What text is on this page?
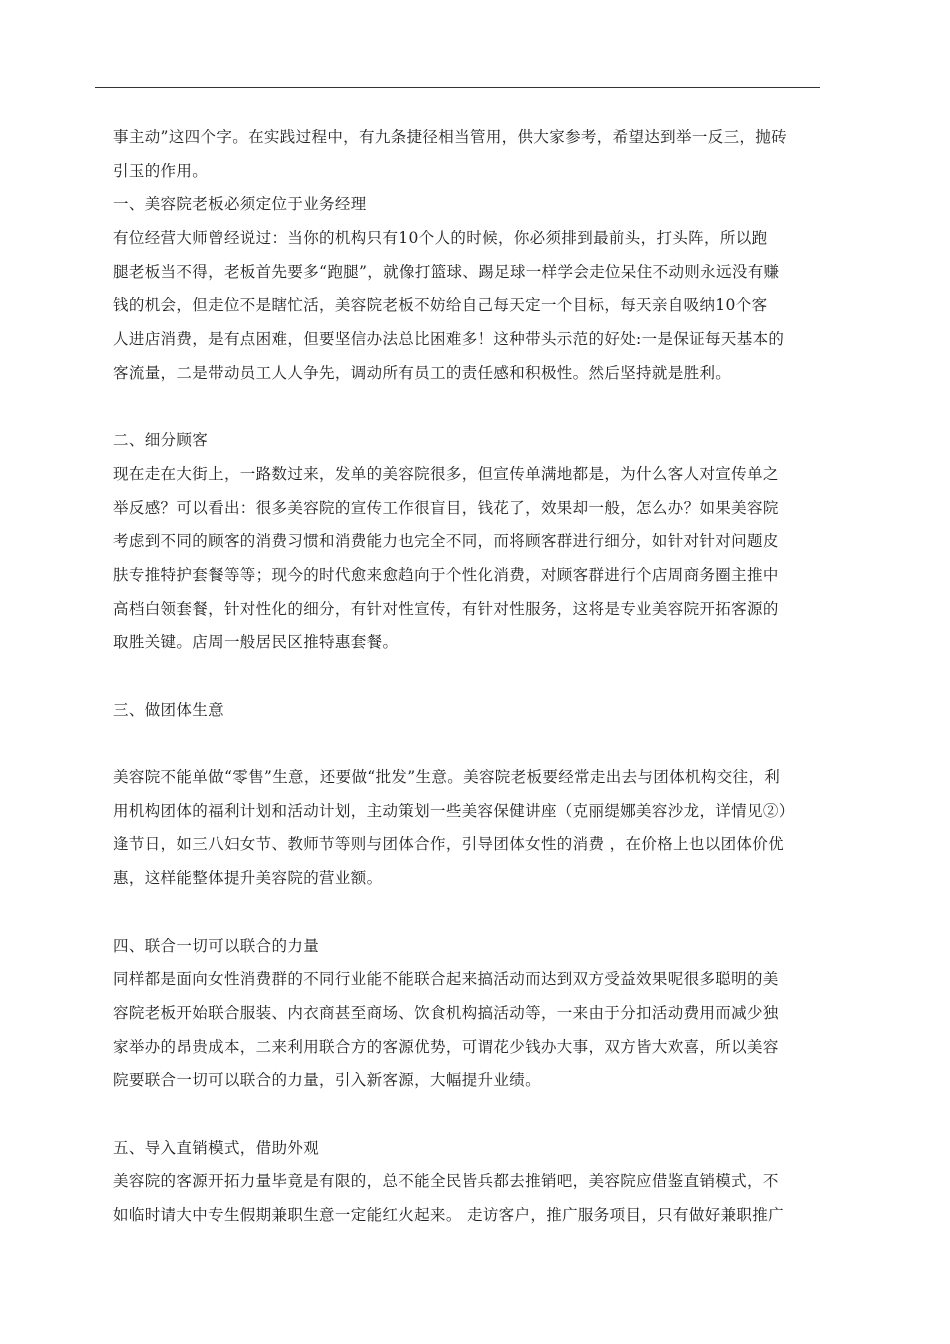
事主动”这四个字。在实践过程中，有九条捷径相当管用，供大家参考，希望达到举一反三，抛砖
引玉的作用。
一、美容院老板必须定位于业务经理
有位经营大师曾经说过：当你的机构只有10个人的时候，你必须排到最前头，打头阵，所以跑
腿老板当不得，老板首先要多“跑腿”，就像打篮球、踢足球一样学会走位呆住不动则永远没有赚
钱的机会，但走位不是瞎忙活，美容院老板不妨给自己每天定一个目标，每天亲自吸纳10个客
人进店消费，是有点困难，但要坚信办法总比困难多！这种带头示范的好处:一是保证每天基本的
客流量，二是带动员工人人争先，调动所有员工的责任感和积极性。然后坚持就是胜利。
二、细分顾客
现在走在大街上，一路数过来，发单的美容院很多，但宣传单满地都是，为什么客人对宣传单之
举反感？可以看出：很多美容院的宣传工作很盲目，钱花了，效果却一般，怎么办？如果美容院
考虑到不同的顾客的消费习惯和消费能力也完全不同，而将顾客群进行细分，如针对针对问题皮
肤专推特护套餐等等；现今的时代愈来愈趋向于个性化消费，对顾客群进行个店周商务圈主推中
高档白领套餐，针对性化的细分，有针对性宣传，有针对性服务，这将是专业美容院开拓客源的
取胜关键。店周一般居民区推特惠套餐。
三、做团体生意
美容院不能单做“零售”生意，还要做“批发”生意。美容院老板要经常走出去与团体机构交往，利
用机构团体的福利计划和活动计划，主动策划一些美容保健讲座（克丽缇娜美容沙龙，详情见②）
逢节日，如三八妇女节、教师节等则与团体合作，引导团体女性的消费 ，在价格上也以团体价优
惠，这样能整体提升美容院的营业额。
四、联合一切可以联合的力量
同样都是面向女性消费群的不同行业能不能联合起来搞活动而达到双方受益效果呢很多聪明的美
容院老板开始联合服装、内衣商甚至商场、饮食机构搞活动等，一来由于分扣活动费用而减少独
家举办的昂贵成本，二来利用联合方的客源优势，可谓花少钱办大事，双方皆大欢喜，所以美容
院要联合一切可以联合的力量，引入新客源，大幅提升业绩。
五、导入直销模式，借助外观
美容院的客源开拓力量毕竟是有限的，总不能全民皆兵都去推销吧，美容院应借鉴直销模式，不
如临时请大中专生假期兼职生意一定能红火起来。 走访客户，推广服务项目，只有做好兼职推广
